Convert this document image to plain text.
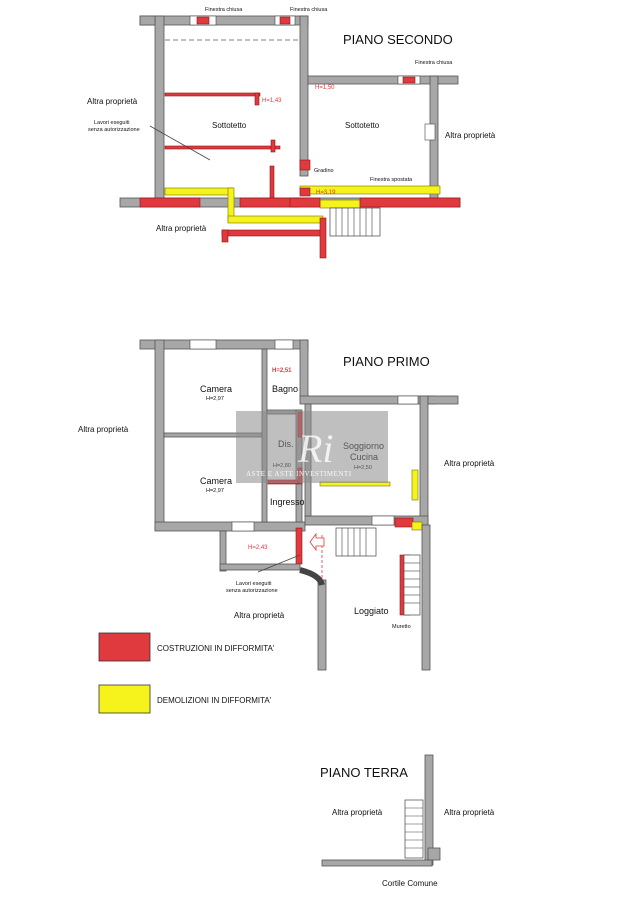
PIANO SECONDO
Finestra chiusa	Finestra chiusa
Finestra chiusa
Altra proprietà
Lavori eseguiti
senza autorizzazione	Sottotetto	Sottotetto
H=1,43
H=1,50
H=3,19
Gradino
Finestra spostata
Altra proprietà
Altra proprietà
PIANO PRIMO
Camera
H=2,97
Camera
H=2,97
H=2,51
Bagno
Ingresso
H=2,43
Loggiato
Muretto
Altra proprietà
Altra proprietà
Altra proprietà
Lavori eseguiti
senza autorizzazione
Ri
ASTE E ASTE INVESTIMENTI
COSTRUZIONI IN DIFFORMITA'
DEMOLIZIONI IN DIFFORMITA'
PIANO TERRA
Altra proprietà	Altra proprietà
Cortile Comune
